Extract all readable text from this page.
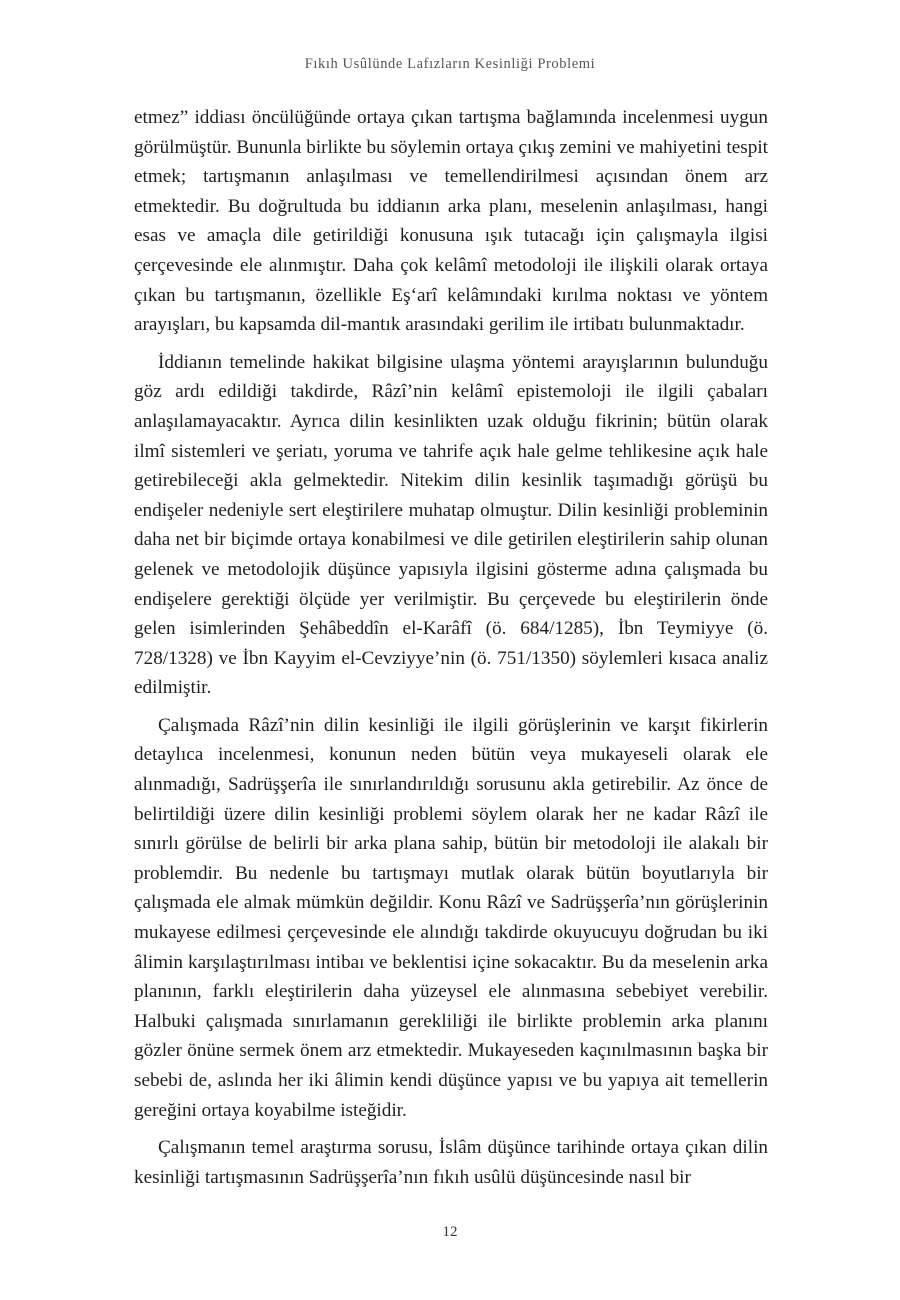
Fıkıh Usûlünde Lafızların Kesinliği Problemi

etmez” iddiası öncülüğünde ortaya çıkan tartışma bağlamında incelenmesi uygun görülmüştür. Bununla birlikte bu söylemin ortaya çıkış zemini ve mahiyetini tespit etmek; tartışmanın anlaşılması ve temellendirilmesi açısından önem arz etmektedir. Bu doğrultuda bu iddianın arka planı, meselenin anlaşılması, hangi esas ve amaçla dile getirildiği konusuna ışık tutacağı için çalışmayla ilgisi çerçevesinde ele alınmıştır. Daha çok kelâmî metodoloji ile ilişkili olarak ortaya çıkan bu tartışmanın, özellikle Eş‘arî kelâmındaki kırılma noktası ve yöntem arayışları, bu kapsamda dil-mantık arasındaki gerilim ile irtibatı bulunmaktadır.

İddianın temelinde hakikat bilgisine ulaşma yöntemi arayışlarının bulunduğu göz ardı edildiği takdirde, Râzî’nin kelâmî epistemoloji ile ilgili çabaları anlaşılamayacaktır. Ayrıca dilin kesinlikten uzak olduğu fikrinin; bütün olarak ilmî sistemleri ve şeriatı, yoruma ve tahrife açık hale gelme tehlikesine açık hale getirebileceği akla gelmektedir. Nitekim dilin kesinlik taşımadığı görüşü bu endişeler nedeniyle sert eleştirilere muhatap olmuştur. Dilin kesinliği probleminin daha net bir biçimde ortaya konabilmesi ve dile getirilen eleştirilerin sahip olunan gelenek ve metodolojik düşünce yapısıyla ilgisini gösterme adına çalışmada bu endişelere gerektiği ölçüde yer verilmiştir. Bu çerçevede bu eleştirilerin önde gelen isimlerinden Şehâbeddîn el-Karâfî (ö. 684/1285), İbn Teymiyye (ö. 728/1328) ve İbn Kayyim el-Cevziyye’nin (ö. 751/1350) söylemleri kısaca analiz edilmiştir.

Çalışmada Râzî’nin dilin kesinliği ile ilgili görüşlerinin ve karşıt fikirlerin detaylıca incelenmesi, konunun neden bütün veya mukayeseli olarak ele alınmadığı, Sadrüşşerîa ile sınırlandırıldığı sorusunu akla getirebilir. Az önce de belirtildiği üzere dilin kesinliği problemi söylem olarak her ne kadar Râzî ile sınırlı görülse de belirli bir arka plana sahip, bütün bir metodoloji ile alakalı bir problemdir. Bu nedenle bu tartışmayı mutlak olarak bütün boyutlarıyla bir çalışmada ele almak mümkün değildir. Konu Râzî ve Sadrüşşerîa’nın görüşlerinin mukayese edilmesi çerçevesinde ele alındığı takdirde okuyucuyu doğrudan bu iki âlimin karşılaştırılması intibaı ve beklentisi içine sokacaktır. Bu da meselenin arka planının, farklı eleştirilerin daha yüzeysel ele alınmasına sebebiyet verebilir. Halbuki çalışmada sınırlamanın gerekliliği ile birlikte problemin arka planını gözler önüne sermek önem arz etmektedir. Mukayeseden kaçınılmasının başka bir sebebi de, aslında her iki âlimin kendi düşünce yapısı ve bu yapıya ait temellerin gereğini ortaya koyabilme isteğidir.

Çalışmanın temel araştırma sorusu, İslâm düşünce tarihinde ortaya çıkan dilin kesinliği tartışmasının Sadrüşşerîa’nın fıkıh usûlü düşüncesinde nasıl bir

12
